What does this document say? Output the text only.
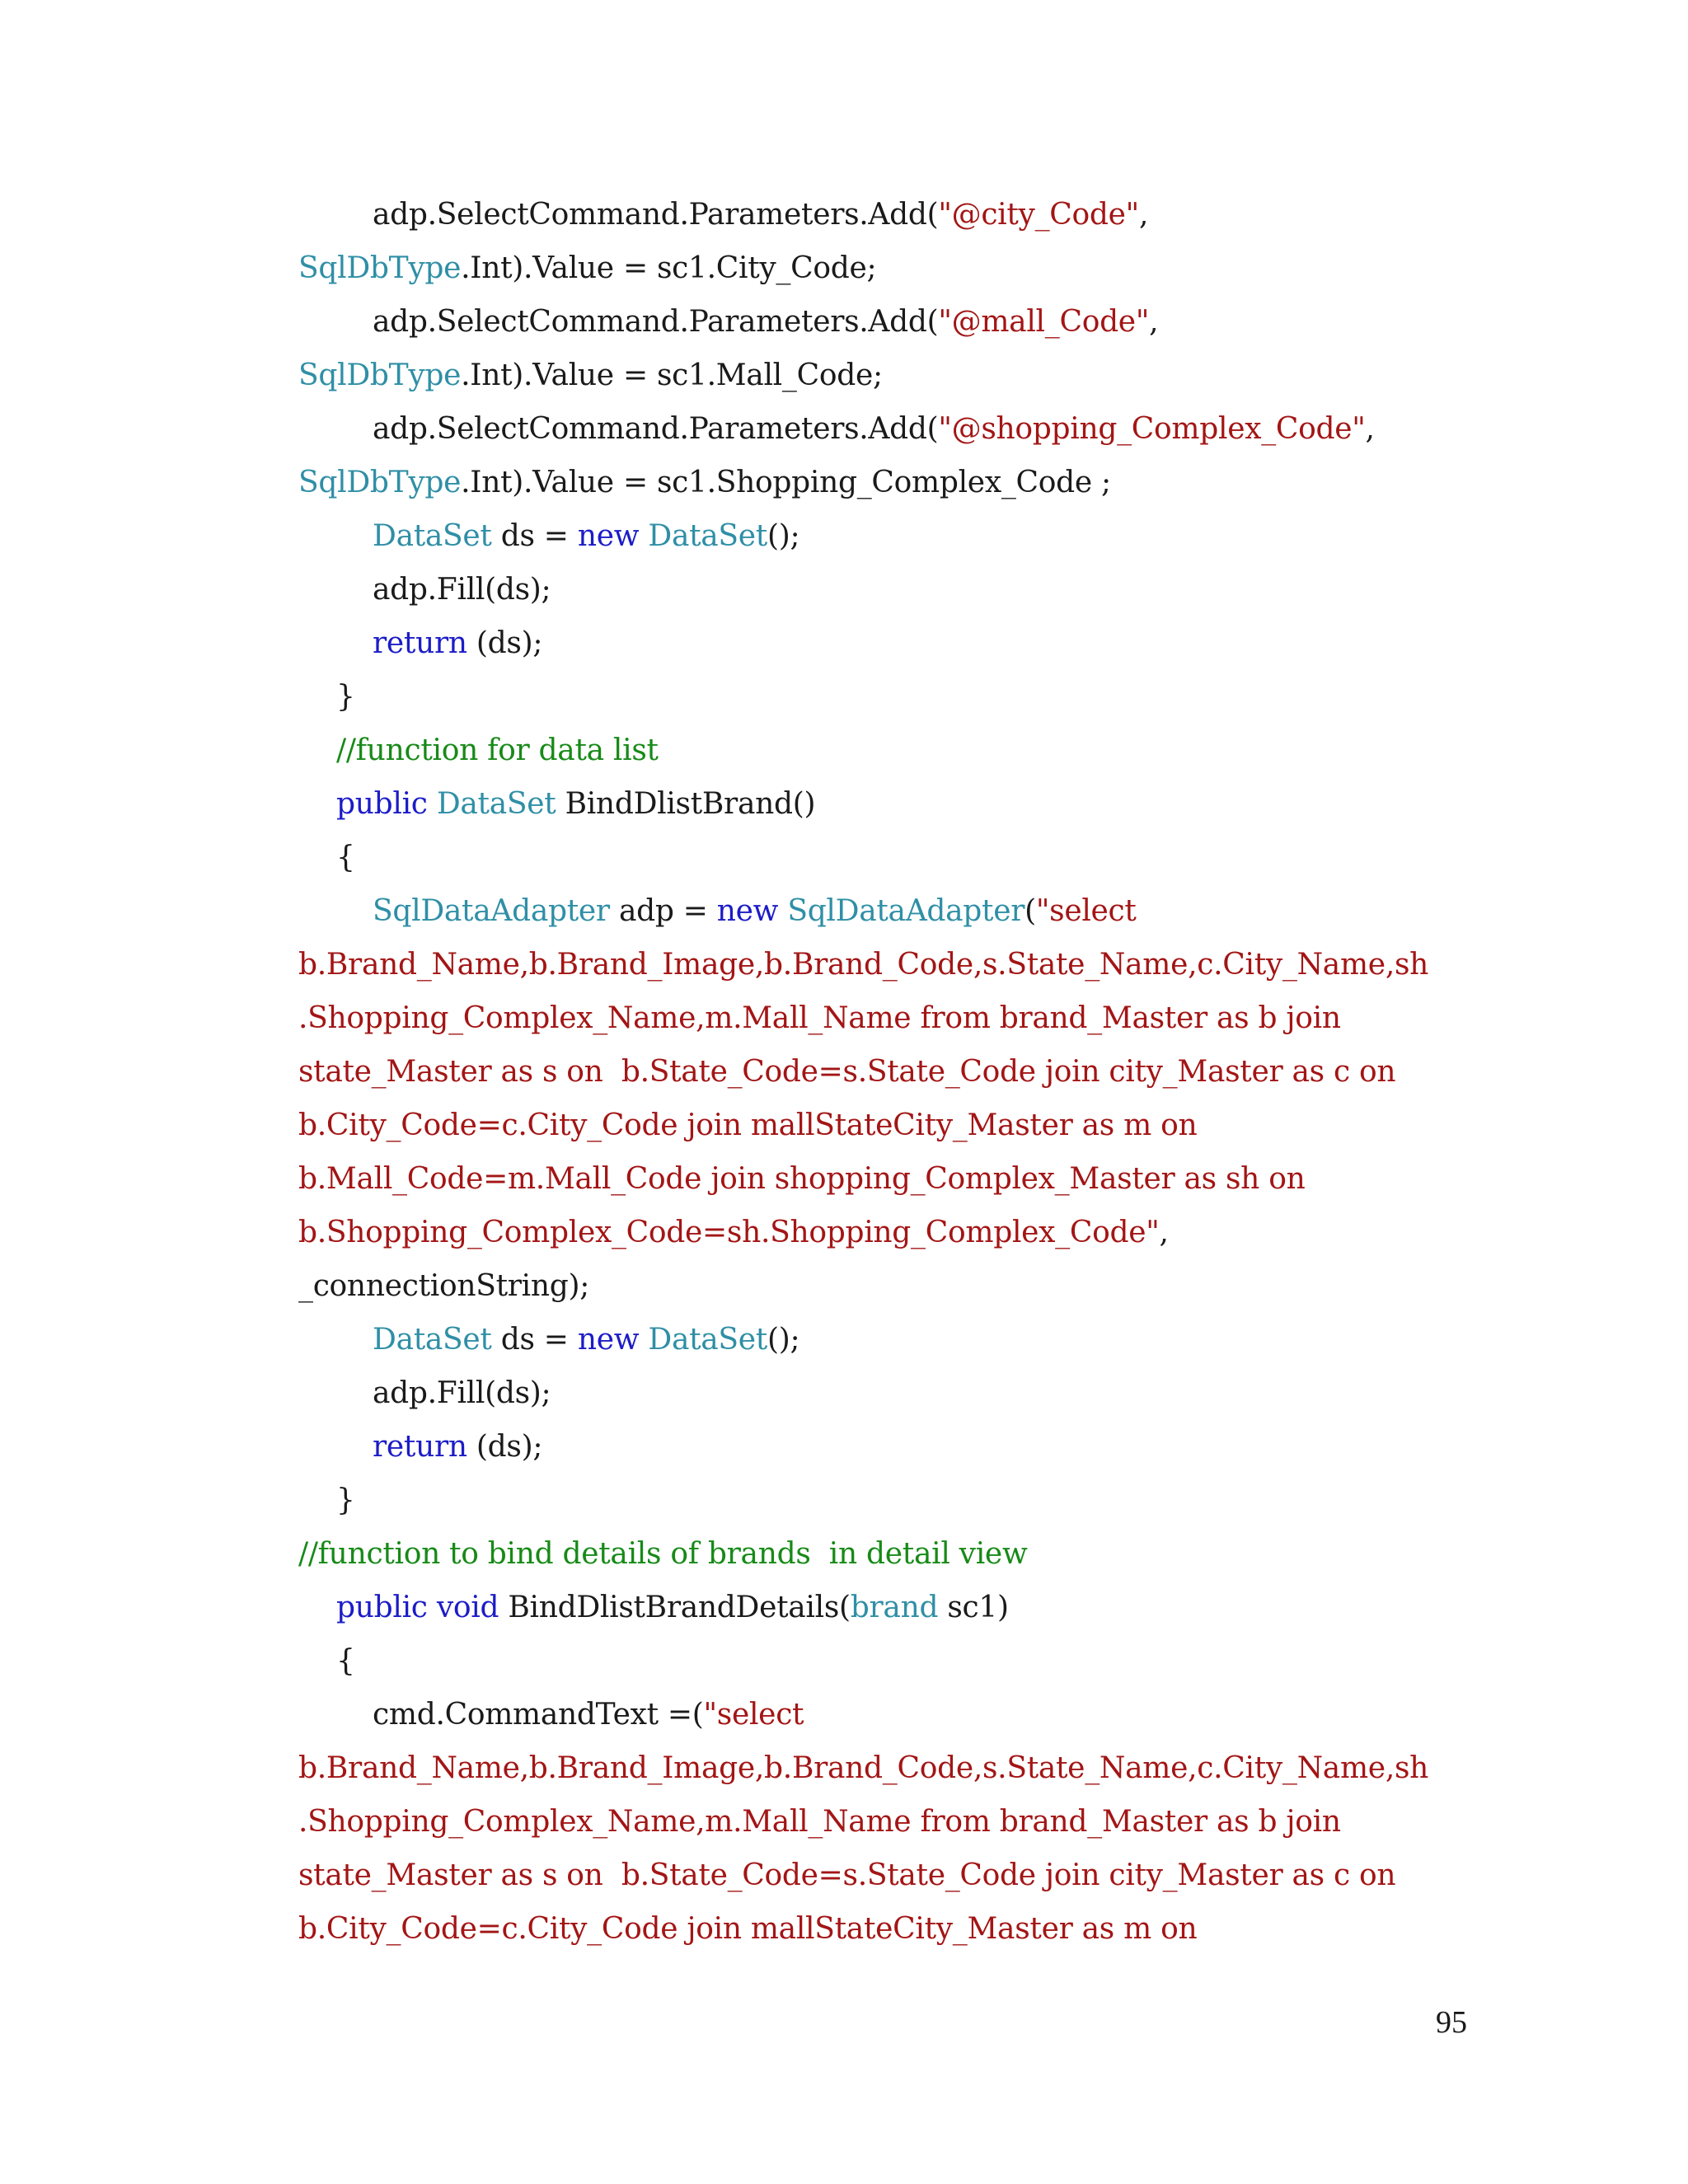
adp.SelectCommand.Parameters.Add("@city_Code",
SqlDbType.Int).Value = sc1.City_Code;
adp.SelectCommand.Parameters.Add("@mall_Code",
SqlDbType.Int).Value = sc1.Mall_Code;
adp.SelectCommand.Parameters.Add("@shopping_Complex_Code",
SqlDbType.Int).Value = sc1.Shopping_Complex_Code ;
DataSet ds = new DataSet();
adp.Fill(ds);
return (ds);
}
//function for data list
public DataSet BindDlistBrand()
{
SqlDataAdapter adp = new SqlDataAdapter("select
b.Brand_Name,b.Brand_Image,b.Brand_Code,s.State_Name,c.City_Name,sh
.Shopping_Complex_Name,m.Mall_Name from brand_Master as b join
state_Master as s on  b.State_Code=s.State_Code join city_Master as c on
b.City_Code=c.City_Code join mallStateCity_Master as m on
b.Mall_Code=m.Mall_Code join shopping_Complex_Master as sh on
b.Shopping_Complex_Code=sh.Shopping_Complex_Code",
_connectionString);
DataSet ds = new DataSet();
adp.Fill(ds);
return (ds);
}
//function to bind details of brands  in detail view
public void BindDlistBrandDetails(brand sc1)
{
cmd.CommandText =("select
b.Brand_Name,b.Brand_Image,b.Brand_Code,s.State_Name,c.City_Name,sh
.Shopping_Complex_Name,m.Mall_Name from brand_Master as b join
state_Master as s on  b.State_Code=s.State_Code join city_Master as c on
b.City_Code=c.City_Code join mallStateCity_Master as m on
95
